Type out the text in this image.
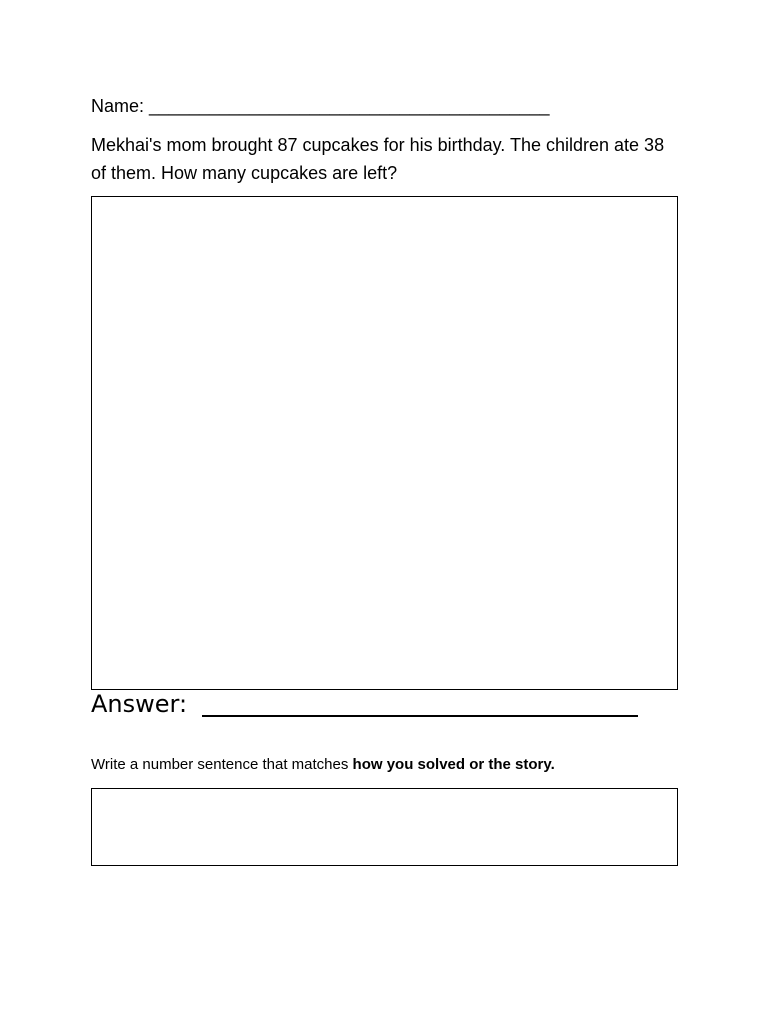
Name: ________________________________________
Mekhai's mom brought 87 cupcakes for his birthday. The children ate 38 of them. How many cupcakes are left?
Answer:
Write a number sentence that matches how you solved or the story.
